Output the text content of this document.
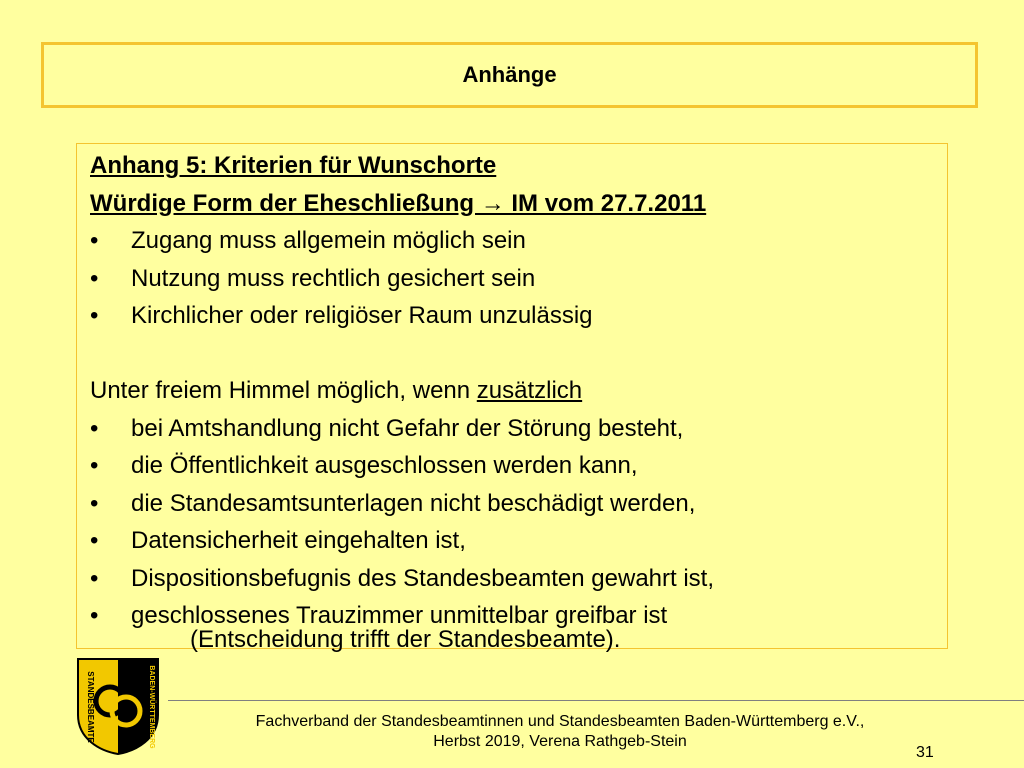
Anhänge
Anhang 5: Kriterien für Wunschorte
Würdige Form der Eheschließung → IM vom 27.7.2011
•	Zugang muss allgemein möglich sein
•	Nutzung muss rechtlich gesichert sein
•	Kirchlicher oder religiöser Raum unzulässig
Unter freiem Himmel möglich, wenn zusätzlich
•	bei Amtshandlung nicht Gefahr der Störung besteht,
•	die Öffentlichkeit ausgeschlossen werden kann,
•	die Standesamtsunterlagen nicht beschädigt werden,
•	Datensicherheit eingehalten ist,
•	Dispositionsbefugnis des Standesbeamten gewahrt ist,
•	geschlossenes Trauzimmer unmittelbar greifbar ist
(Entscheidung trifft der Standesbeamte).
STANDESBEAMTE	BADEN-WÜRTTEMBERG	Fachverband der Standesbeamtinnen und Standesbeamten Baden-Württemberg e.V.,
Herbst 2019, Verena Rathgeb-Stein
31
